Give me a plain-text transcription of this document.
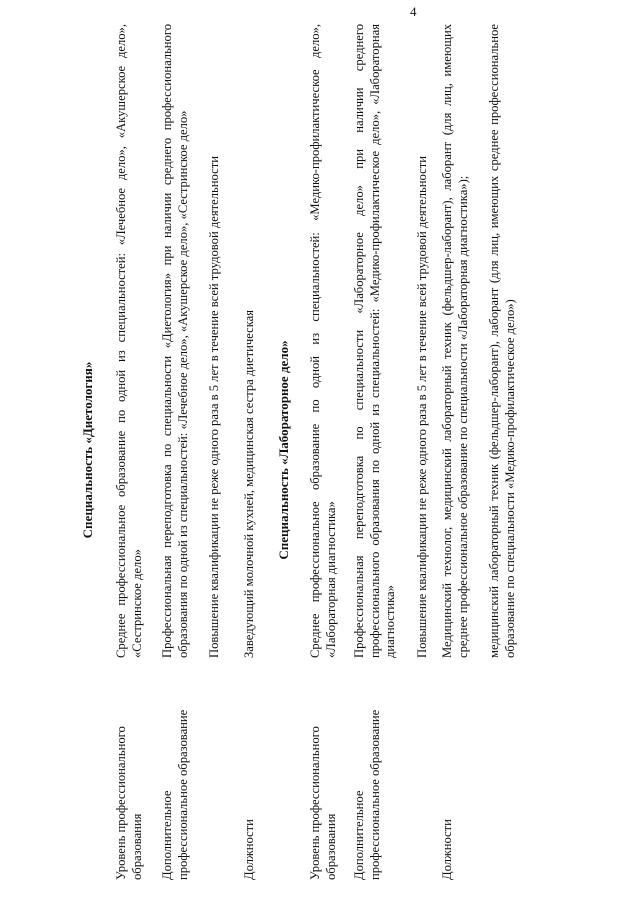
4
Специальность «Диетология»
Уровень профессионального образования

Среднее профессиональное образование по одной из специальностей: «Лечебное дело», «Акушерское дело», «Сестринское дело»

Дополнительное профессиональное образование

Профессиональная переподготовка по специальности «Диетология» при наличии среднего профессионального образования по одной из специальностей: «Лечебное дело», «Акушерское дело», «Сестринское дело» Повышение квалификации не реже одного раза в 5 лет в течение всей трудовой деятельности

Должности

Заведующий молочной кухней, медицинская сестра диетическая Специальность «Лабораторное дело»
Уровень профессионального образования

Среднее профессиональное образование по одной из специальностей: «Медико-профилактическое дело», «Лабораторная диагностика»

Дополнительное профессиональное образование

Профессиональная переподготовка по специальности «Лабораторное дело» при наличии среднего профессионального образования по одной из специальностей: «Медико-профилактическое дело», «Лабораторная диагностика» Повышение квалификации не реже одного раза в 5 лет в течение всей трудовой деятельности

Должности

Медицинский технолог, медицинский лабораторный техник (фельдшер-лаборант), лаборант (для лиц, имеющих среднее профессиональное образование по специальности «Лабораторная диагностика»); медицинский лабораторный техник (фельдшер-лаборант), лаборант (для лиц, имеющих среднее профессиональное образование по специальности «Медико-профилактическое дело»)
